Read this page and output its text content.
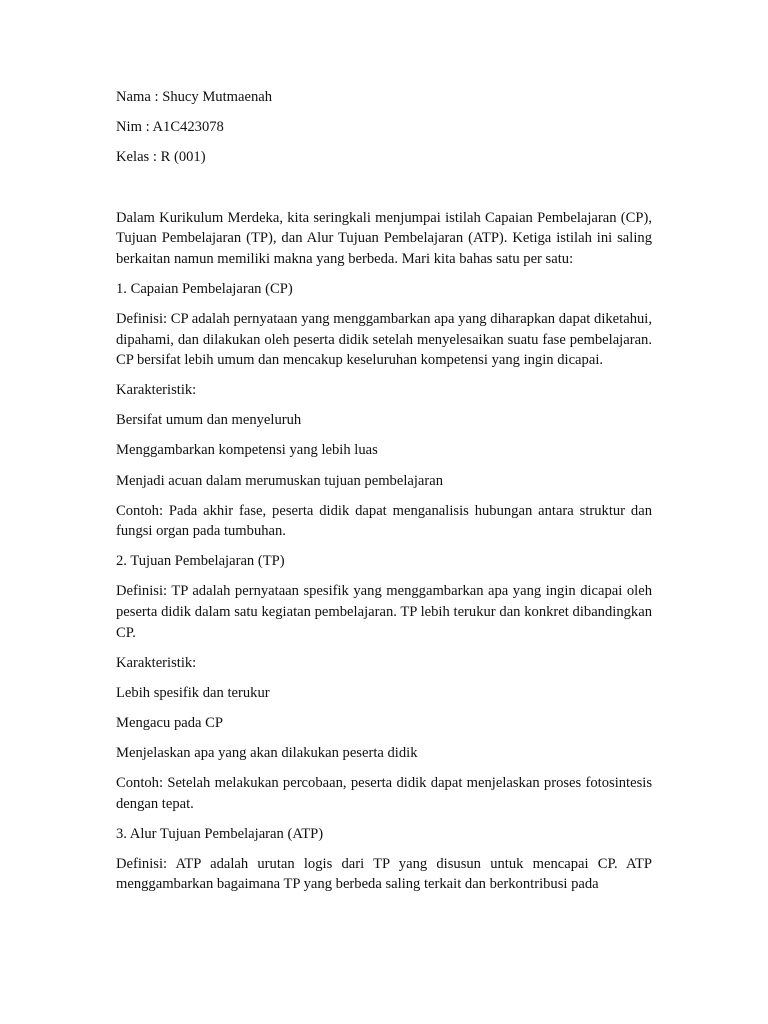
Nama : Shucy Mutmaenah

Nim : A1C423078

Kelas : R (001)

Dalam Kurikulum Merdeka, kita seringkali menjumpai istilah Capaian Pembelajaran (CP), Tujuan Pembelajaran (TP), dan Alur Tujuan Pembelajaran (ATP). Ketiga istilah ini saling berkaitan namun memiliki makna yang berbeda. Mari kita bahas satu per satu:

1. Capaian Pembelajaran (CP)

Definisi: CP adalah pernyataan yang menggambarkan apa yang diharapkan dapat diketahui, dipahami, dan dilakukan oleh peserta didik setelah menyelesaikan suatu fase pembelajaran. CP bersifat lebih umum dan mencakup keseluruhan kompetensi yang ingin dicapai.

Karakteristik:

Bersifat umum dan menyeluruh

Menggambarkan kompetensi yang lebih luas

Menjadi acuan dalam merumuskan tujuan pembelajaran

Contoh: Pada akhir fase, peserta didik dapat menganalisis hubungan antara struktur dan fungsi organ pada tumbuhan.

2. Tujuan Pembelajaran (TP)

Definisi: TP adalah pernyataan spesifik yang menggambarkan apa yang ingin dicapai oleh peserta didik dalam satu kegiatan pembelajaran. TP lebih terukur dan konkret dibandingkan CP.

Karakteristik:

Lebih spesifik dan terukur

Mengacu pada CP

Menjelaskan apa yang akan dilakukan peserta didik

Contoh: Setelah melakukan percobaan, peserta didik dapat menjelaskan proses fotosintesis dengan tepat.

3. Alur Tujuan Pembelajaran (ATP)

Definisi: ATP adalah urutan logis dari TP yang disusun untuk mencapai CP. ATP menggambarkan bagaimana TP yang berbeda saling terkait dan berkontribusi pada
